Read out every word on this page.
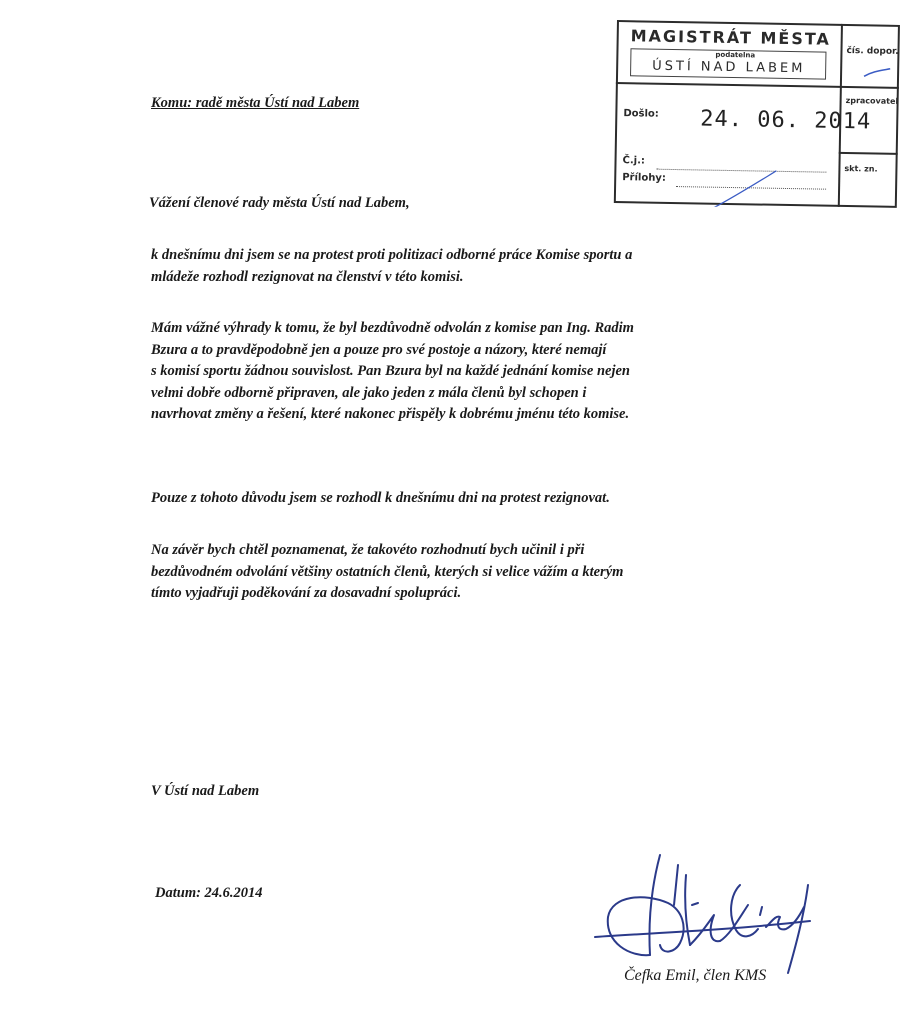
Komu: radě města Ústí nad Labem
MAGISTRÁT MĚSTA
podatelna
ÚSTÍ NAD LABEM
čís. dopor.
zpracovatel
skt. zn.
Došlo: 24. 06. 2014
Č.j.:
Přílohy:
Vážení členové rady města Ústí nad Labem,
k dnešnímu dni jsem se na protest proti politizaci odborné práce Komise sportu a
mládeže rozhodl rezignovat na členství v této komisi.
Mám vážné výhrady k tomu, že byl bezdůvodně odvolán z komise pan Ing. Radim
Bzura a to pravděpodobně jen a pouze pro své postoje a názory, které nemají
s komisí sportu žádnou souvislost. Pan Bzura byl na každé jednání komise nejen
velmi dobře odborně připraven, ale jako jeden z mála členů byl schopen i
navrhovat změny a řešení, které nakonec přispěly k dobrému jménu této komise.
Pouze z tohoto důvodu jsem se rozhodl k dnešnímu dni na protest rezignovat.
Na závěr bych chtěl poznamenat, že takovéto rozhodnutí bych učinil i při
bezdůvodném odvolání většiny ostatních členů, kterých si velice vážím a kterým
tímto vyjadřuji poděkování za dosavadní spolupráci.
V Ústí nad Labem
Datum: 24.6.2014
Čefka Emil, člen KMS
